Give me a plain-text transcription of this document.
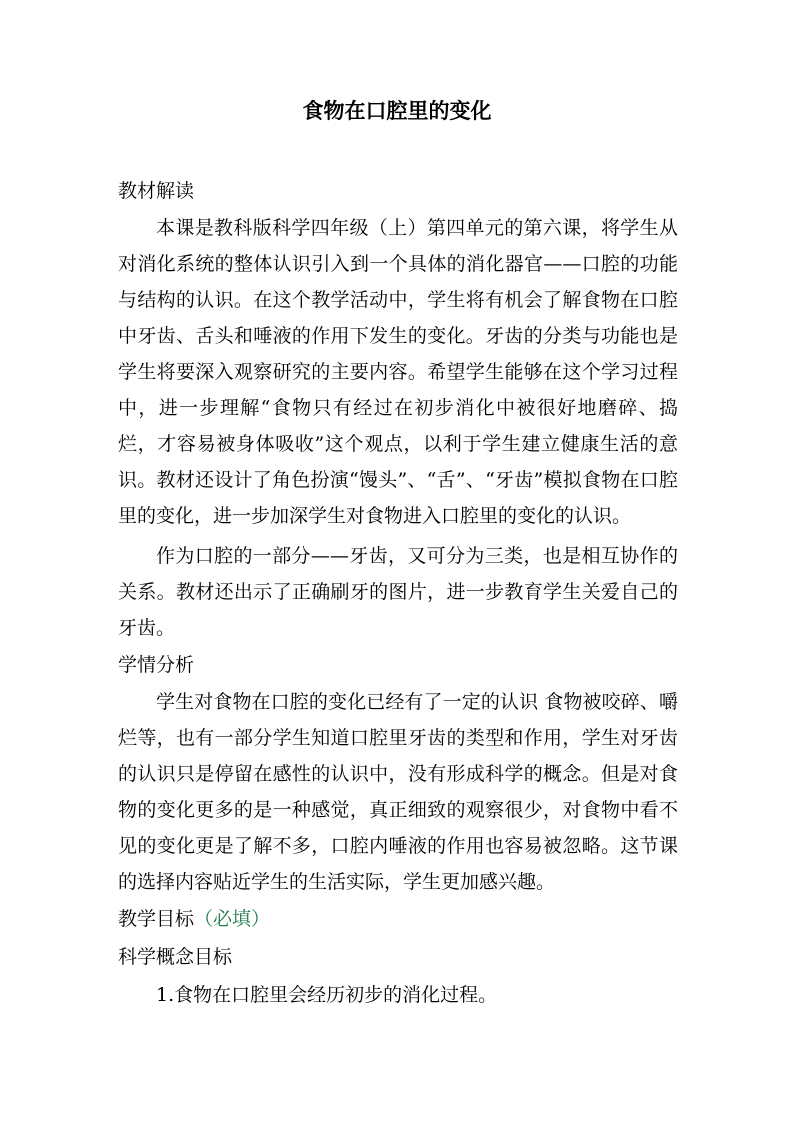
食物在口腔里的变化
教材解读

本课是教科版科学四年级（上）第四单元的第六课，将学生从对消化系统的整体认识引入到一个具体的消化器官——口腔的功能与结构的认识。在这个教学活动中，学生将有机会了解食物在口腔中牙齿、舌头和唾液的作用下发生的变化。牙齿的分类与功能也是学生将要深入观察研究的主要内容。希望学生能够在这个学习过程中，进一步理解“食物只有经过在初步消化中被很好地磨碎、捣烂，才容易被身体吸收”这个观点，以利于学生建立健康生活的意识。教材还设计了角色扮演“馒头”、“舌”、“牙齿”模拟食物在口腔里的变化，进一步加深学生对食物进入口腔里的变化的认识。

作为口腔的一部分——牙齿，又可分为三类，也是相互协作的关系。教材还出示了正确刷牙的图片，进一步教育学生关爱自己的牙齿。

学情分析

学生对食物在口腔的变化已经有了一定的认识 食物被咬碎、嚼烂等，也有一部分学生知道口腔里牙齿的类型和作用，学生对牙齿的认识只是停留在感性的认识中，没有形成科学的概念。但是对食物的变化更多的是一种感觉，真正细致的观察很少，对食物中看不见的变化更是了解不多，口腔内唾液的作用也容易被忽略。这节课的选择内容贴近学生的生活实际，学生更加感兴趣。

教学目标（必填）
科学概念目标
1.食物在口腔里会经历初步的消化过程。
